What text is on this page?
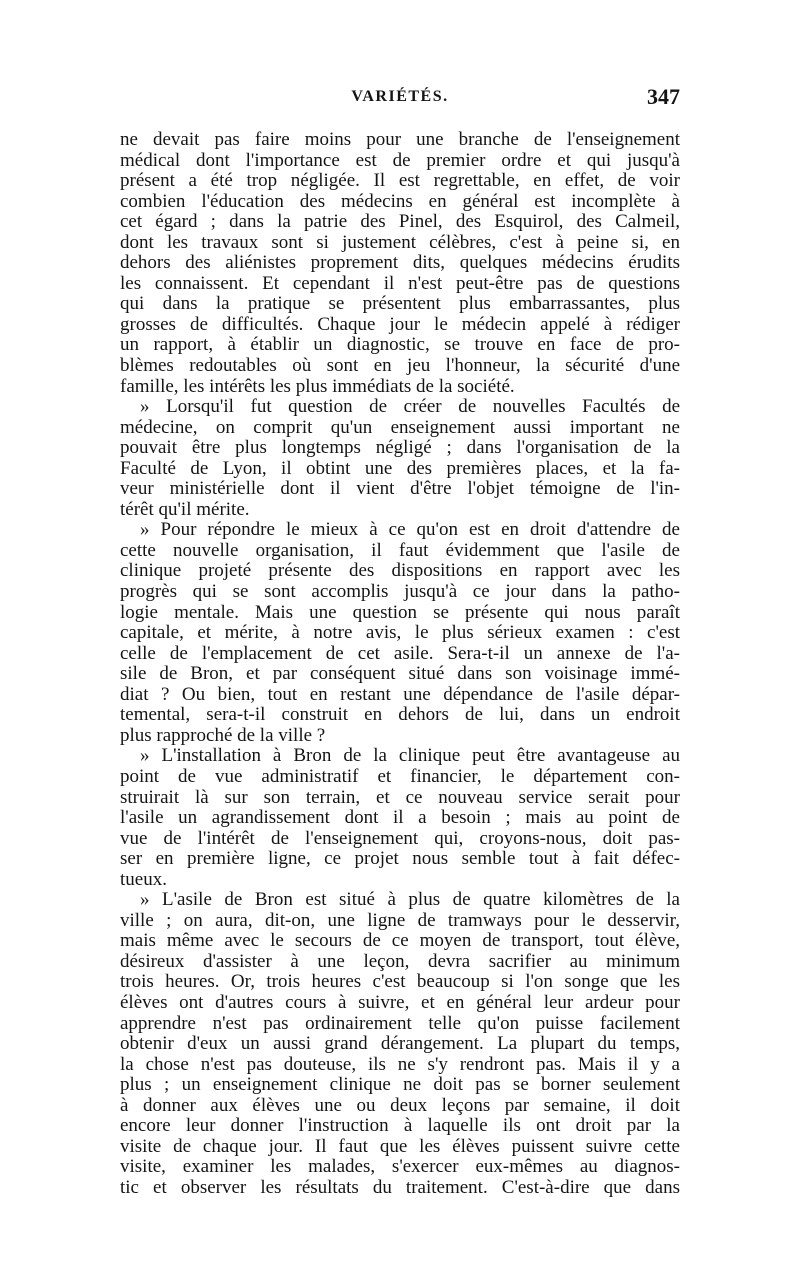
VARIÉTÉS.	347
ne devait pas faire moins pour une branche de l'enseignement
médical dont l'importance est de premier ordre et qui jusqu'à
présent a été trop négligée. Il est regrettable, en effet, de voir
combien l'éducation des médecins en général est incomplète à
cet égard ; dans la patrie des Pinel, des Esquirol, des Calmeil,
dont les travaux sont si justement célèbres, c'est à peine si, en
dehors des aliénistes proprement dits, quelques médecins érudits
les connaissent. Et cependant il n'est peut-être pas de questions
qui dans la pratique se présentent plus embarrassantes, plus
grosses de difficultés. Chaque jour le médecin appelé à rédiger
un rapport, à établir un diagnostic, se trouve en face de pro-
blèmes redoutables où sont en jeu l'honneur, la sécurité d'une
famille, les intérêts les plus immédiats de la société.
» Lorsqu'il fut question de créer de nouvelles Facultés de
médecine, on comprit qu'un enseignement aussi important ne
pouvait être plus longtemps négligé ; dans l'organisation de la
Faculté de Lyon, il obtint une des premières places, et la fa-
veur ministérielle dont il vient d'être l'objet témoigne de l'in-
térêt qu'il mérite.
» Pour répondre le mieux à ce qu'on est en droit d'attendre de
cette nouvelle organisation, il faut évidemment que l'asile de
clinique projeté présente des dispositions en rapport avec les
progrès qui se sont accomplis jusqu'à ce jour dans la patho-
logie mentale. Mais une question se présente qui nous paraît
capitale, et mérite, à notre avis, le plus sérieux examen : c'est
celle de l'emplacement de cet asile. Sera-t-il un annexe de l'a-
sile de Bron, et par conséquent situé dans son voisinage immé-
diat ? Ou bien, tout en restant une dépendance de l'asile dépar-
temental, sera-t-il construit en dehors de lui, dans un endroit
plus rapproché de la ville ?
» L'installation à Bron de la clinique peut être avantageuse au
point de vue administratif et financier, le département con-
struirait là sur son terrain, et ce nouveau service serait pour
l'asile un agrandissement dont il a besoin ; mais au point de
vue de l'intérêt de l'enseignement qui, croyons-nous, doit pas-
ser en première ligne, ce projet nous semble tout à fait défec-
tueux.
» L'asile de Bron est situé à plus de quatre kilomètres de la
ville ; on aura, dit-on, une ligne de tramways pour le desservir,
mais même avec le secours de ce moyen de transport, tout élève,
désireux d'assister à une leçon, devra sacrifier au minimum
trois heures. Or, trois heures c'est beaucoup si l'on songe que les
élèves ont d'autres cours à suivre, et en général leur ardeur pour
apprendre n'est pas ordinairement telle qu'on puisse facilement
obtenir d'eux un aussi grand dérangement. La plupart du temps,
la chose n'est pas douteuse, ils ne s'y rendront pas. Mais il y a
plus ; un enseignement clinique ne doit pas se borner seulement
à donner aux élèves une ou deux leçons par semaine, il doit
encore leur donner l'instruction à laquelle ils ont droit par la
visite de chaque jour. Il faut que les élèves puissent suivre cette
visite, examiner les malades, s'exercer eux-mêmes au diagnos-
tic et observer les résultats du traitement. C'est-à-dire que dans
